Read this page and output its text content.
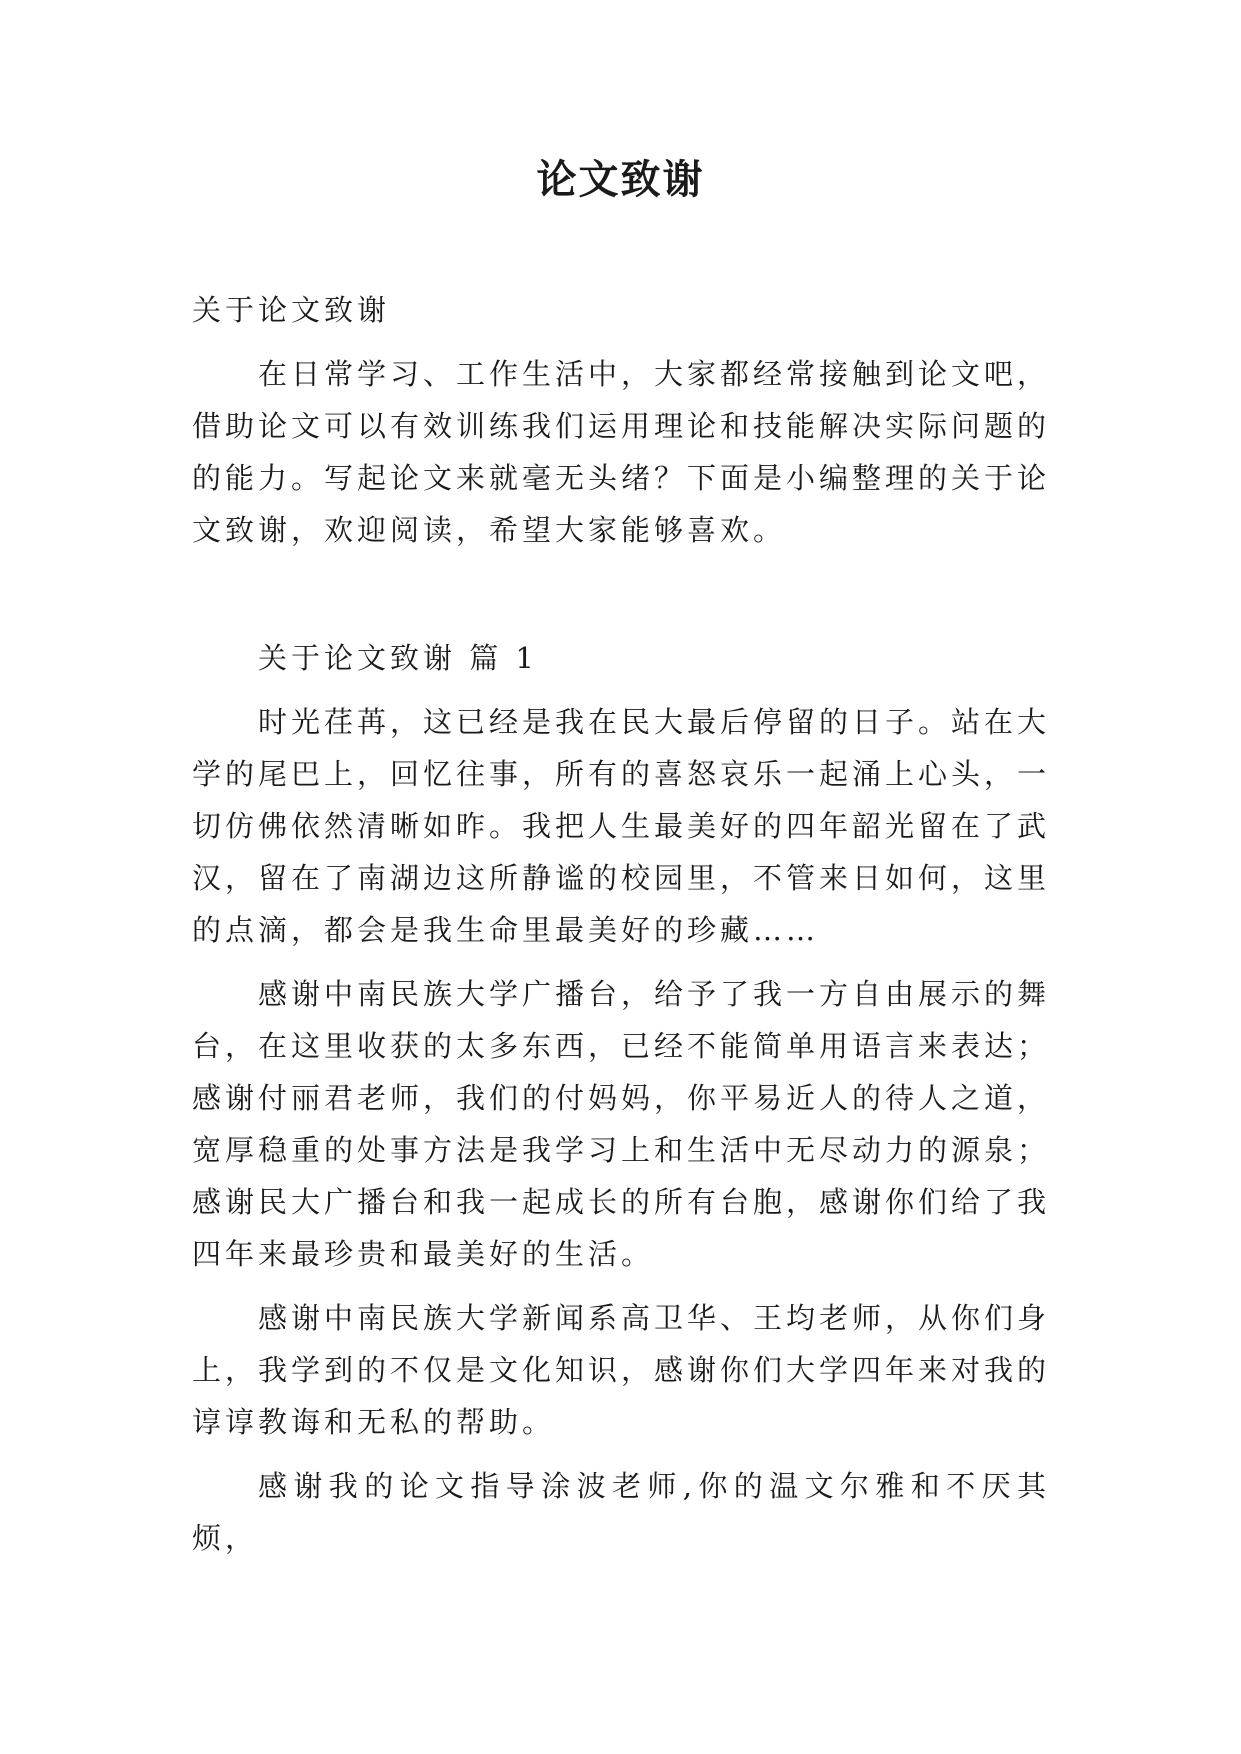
论文致谢

关于论文致谢

在日常学习、工作生活中，大家都经常接触到论文吧，借助论文可以有效训练我们运用理论和技能解决实际问题的的能力。写起论文来就毫无头绪？下面是小编整理的关于论文致谢，欢迎阅读，希望大家能够喜欢。

关于论文致谢 篇 1

时光荏苒，这已经是我在民大最后停留的日子。站在大学的尾巴上，回忆往事，所有的喜怒哀乐一起涌上心头，一切仿佛依然清晰如昨。我把人生最美好的四年韶光留在了武汉，留在了南湖边这所静谧的校园里，不管来日如何，这里的点滴，都会是我生命里最美好的珍藏……

感谢中南民族大学广播台，给予了我一方自由展示的舞台，在这里收获的太多东西，已经不能简单用语言来表达；感谢付丽君老师，我们的付妈妈，你平易近人的待人之道，宽厚稳重的处事方法是我学习上和生活中无尽动力的源泉；感谢民大广播台和我一起成长的所有台胞，感谢你们给了我四年来最珍贵和最美好的生活。

感谢中南民族大学新闻系高卫华、王均老师，从你们身上，我学到的不仅是文化知识，感谢你们大学四年来对我的谆谆教诲和无私的帮助。

感谢我的论文指导涂波老师,你的温文尔雅和不厌其烦，
